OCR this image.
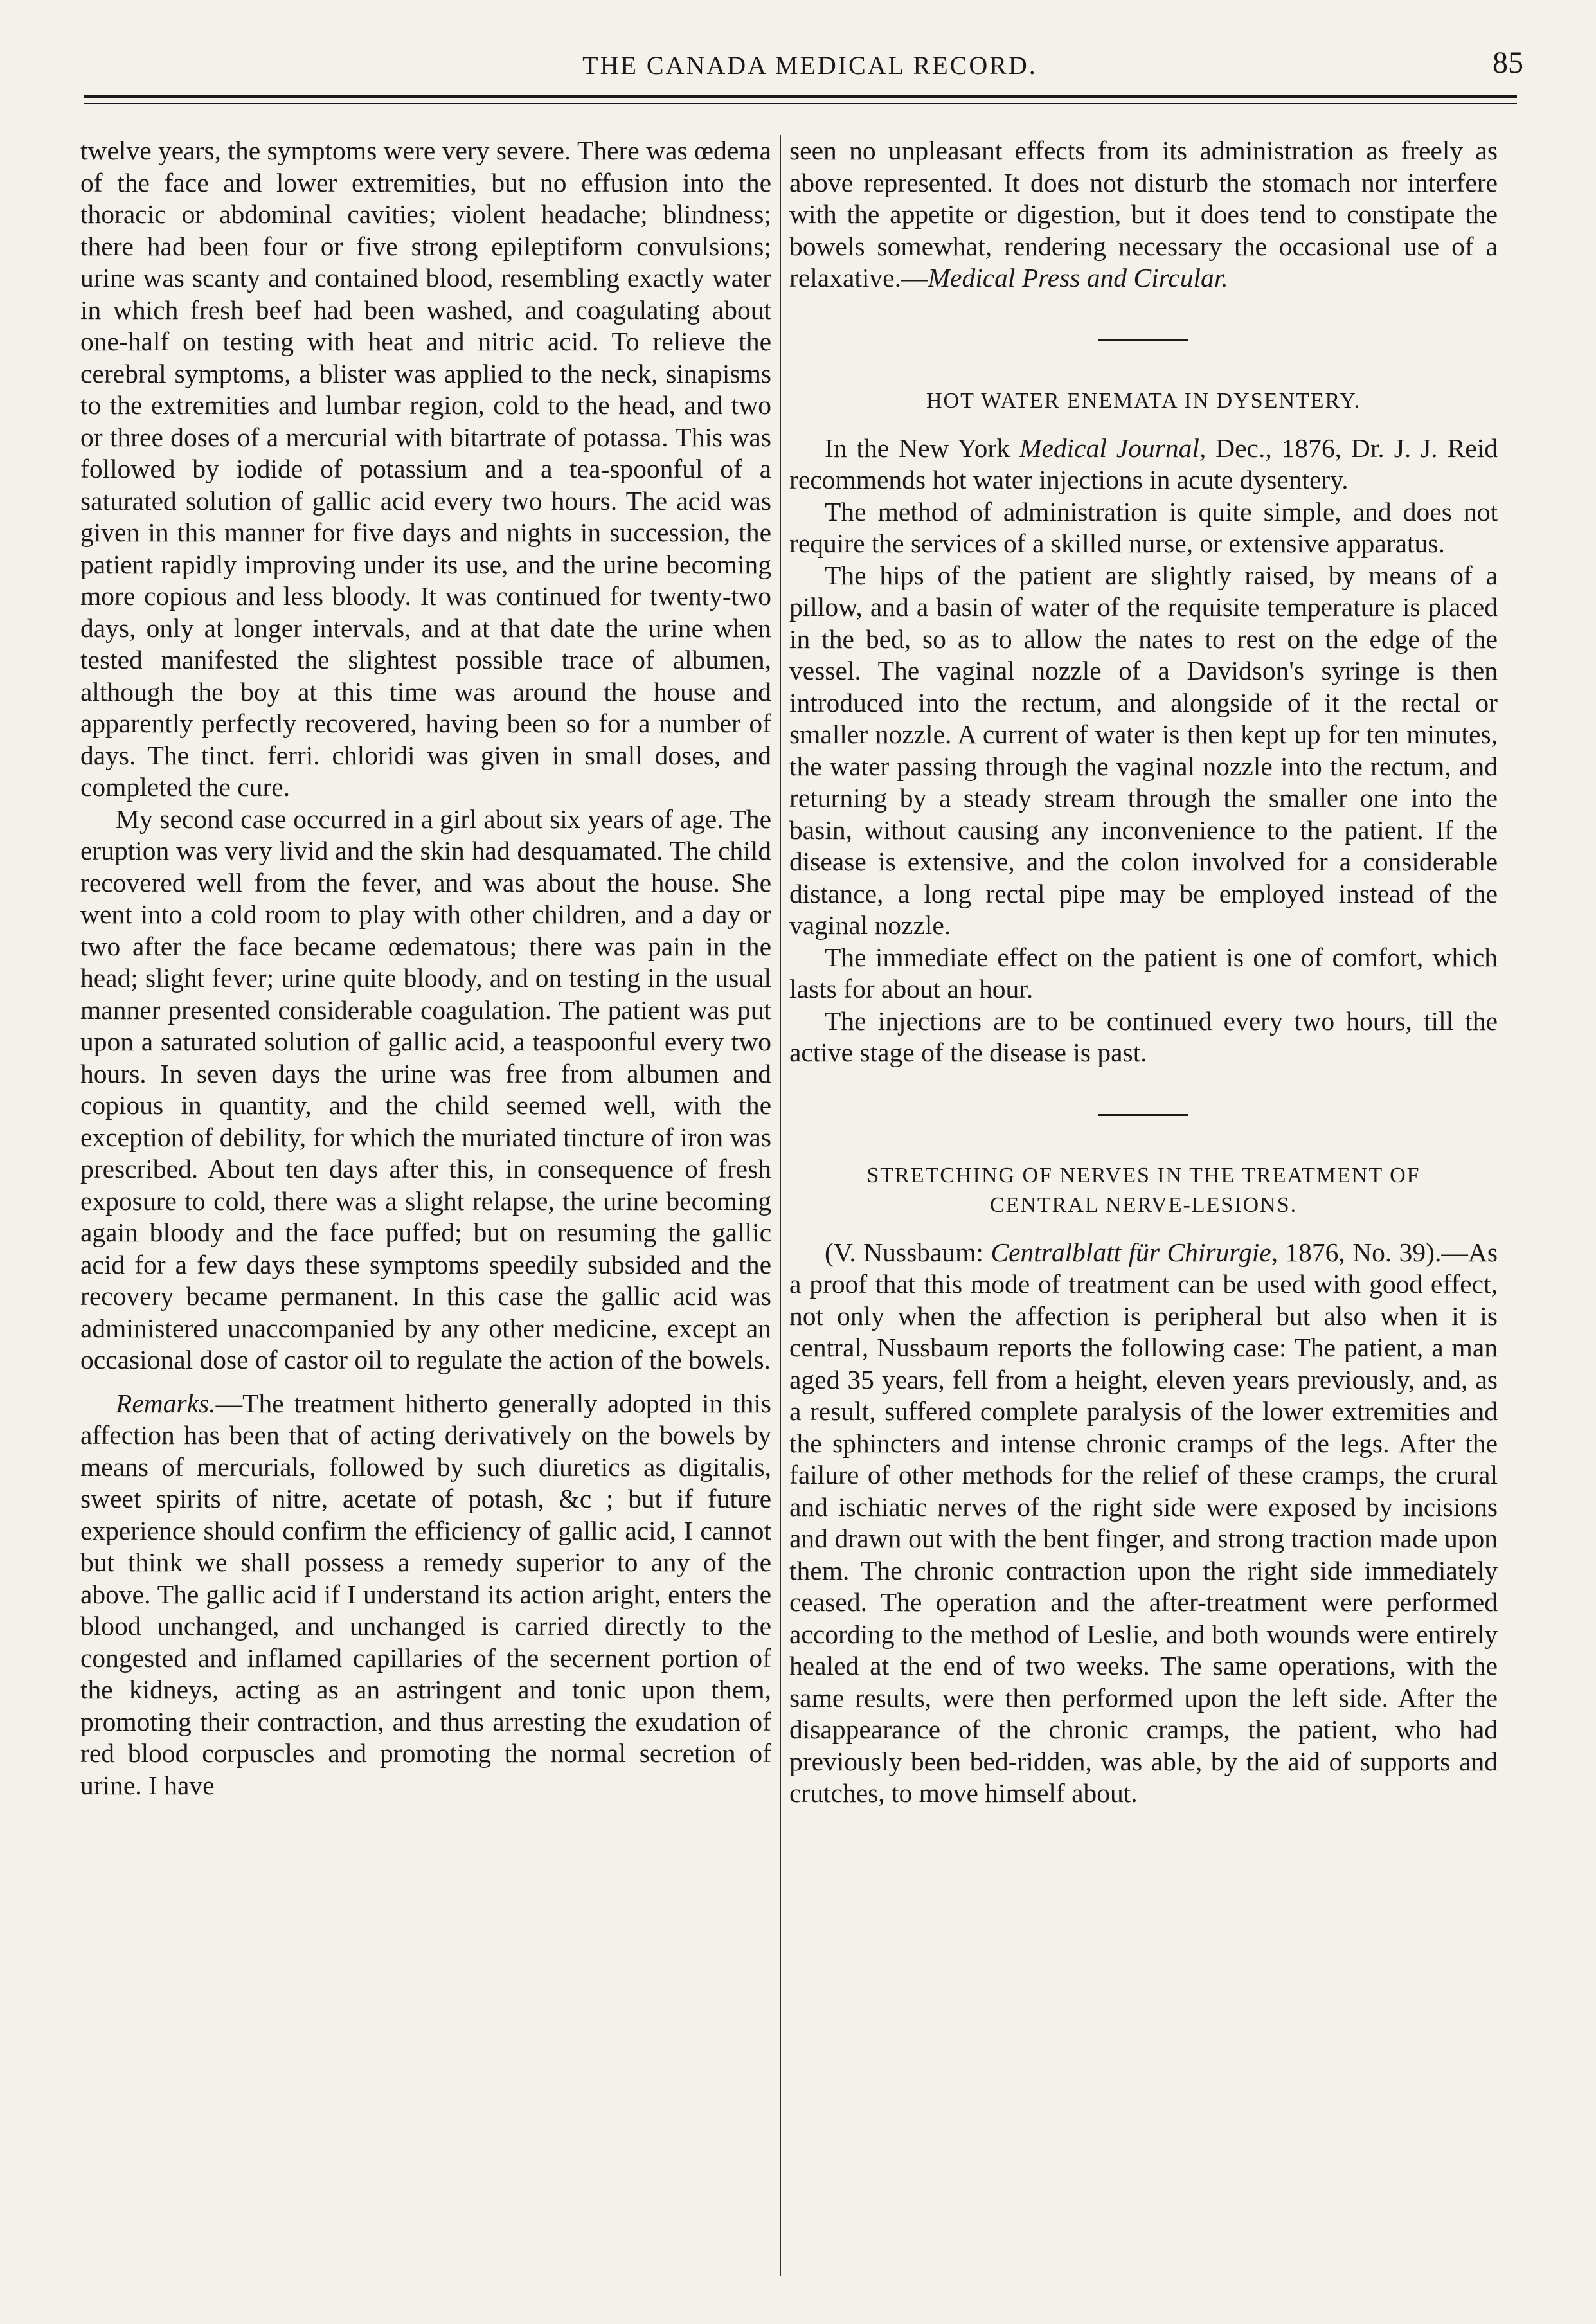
THE CANADA MEDICAL RECORD.	85

twelve years, the symptoms were very severe. There was œdema of the face and lower extremities, but no effusion into the thoracic or abdominal cavities; violent headache; blindness; there had been four or five strong epileptiform convulsions; urine was scanty and contained blood, resembling exactly water in which fresh beef had been washed, and coagulating about one-half on testing with heat and nitric acid. To relieve the cerebral symptoms, a blister was applied to the neck, sinapisms to the extremities and lumbar region, cold to the head, and two or three doses of a mercurial with bitartrate of potassa. This was followed by iodide of potassium and a tea-spoonful of a saturated solution of gallic acid every two hours. The acid was given in this manner for five days and nights in succession, the patient rapidly improving under its use, and the urine becoming more copious and less bloody. It was continued for twenty-two days, only at longer intervals, and at that date the urine when tested manifested the slightest possible trace of albumen, although the boy at this time was around the house and apparently perfectly recovered, having been so for a number of days. The tinct. ferri. chloridi was given in small doses, and completed the cure.

My second case occurred in a girl about six years of age. The eruption was very livid and the skin had desquamated. The child recovered well from the fever, and was about the house. She went into a cold room to play with other children, and a day or two after the face became œdematous; there was pain in the head; slight fever; urine quite bloody, and on testing in the usual manner presented considerable coagulation. The patient was put upon a saturated solution of gallic acid, a teaspoonful every two hours. In seven days the urine was free from albumen and copious in quantity, and the child seemed well, with the exception of debility, for which the muriated tincture of iron was prescribed. About ten days after this, in consequence of fresh exposure to cold, there was a slight relapse, the urine becoming again bloody and the face puffed; but on resuming the gallic acid for a few days these symptoms speedily subsided and the recovery became permanent. In this case the gallic acid was administered unaccompanied by any other medicine, except an occasional dose of castor oil to regulate the action of the bowels.

Remarks.—The treatment hitherto generally adopted in this affection has been that of acting derivatively on the bowels by means of mercurials, followed by such diuretics as digitalis, sweet spirits of nitre, acetate of potash, &c ; but if future experience should confirm the efficiency of gallic acid, I cannot but think we shall possess a remedy superior to any of the above. The gallic acid if I understand its action aright, enters the blood unchanged, and unchanged is carried directly to the congested and inflamed capillaries of the secernent portion of the kidneys, acting as an astringent and tonic upon them, promoting their contraction, and thus arresting the exudation of red blood corpuscles and promoting the normal secretion of urine. I have

seen no unpleasant effects from its administration as freely as above represented. It does not disturb the stomach nor interfere with the appetite or digestion, but it does tend to constipate the bowels somewhat, rendering necessary the occasional use of a relaxative.—Medical Press and Circular.

HOT WATER ENEMATA IN DYSENTERY.

In the New York Medical Journal, Dec., 1876, Dr. J. J. Reid recommends hot water injections in acute dysentery.

The method of administration is quite simple, and does not require the services of a skilled nurse, or extensive apparatus.

The hips of the patient are slightly raised, by means of a pillow, and a basin of water of the requisite temperature is placed in the bed, so as to allow the nates to rest on the edge of the vessel. The vaginal nozzle of a Davidson's syringe is then introduced into the rectum, and alongside of it the rectal or smaller nozzle. A current of water is then kept up for ten minutes, the water passing through the vaginal nozzle into the rectum, and returning by a steady stream through the smaller one into the basin, without causing any inconvenience to the patient. If the disease is extensive, and the colon involved for a considerable distance, a long rectal pipe may be employed instead of the vaginal nozzle.

The immediate effect on the patient is one of comfort, which lasts for about an hour.

The injections are to be continued every two hours, till the active stage of the disease is past.

STRETCHING OF NERVES IN THE TREATMENT OF
CENTRAL NERVE-LESIONS.

(V. Nussbaum: Centralblatt für Chirurgie, 1876, No. 39).—As a proof that this mode of treatment can be used with good effect, not only when the affection is peripheral but also when it is central, Nussbaum reports the following case: The patient, a man aged 35 years, fell from a height, eleven years previously, and, as a result, suffered complete paralysis of the lower extremities and the sphincters and intense chronic cramps of the legs. After the failure of other methods for the relief of these cramps, the crural and ischiatic nerves of the right side were exposed by incisions and drawn out with the bent finger, and strong traction made upon them. The chronic contraction upon the right side immediately ceased. The operation and the after-treatment were performed according to the method of Leslie, and both wounds were entirely healed at the end of two weeks. The same operations, with the same results, were then performed upon the left side. After the disappearance of the chronic cramps, the patient, who had previously been bed-ridden, was able, by the aid of supports and crutches, to move himself about.
